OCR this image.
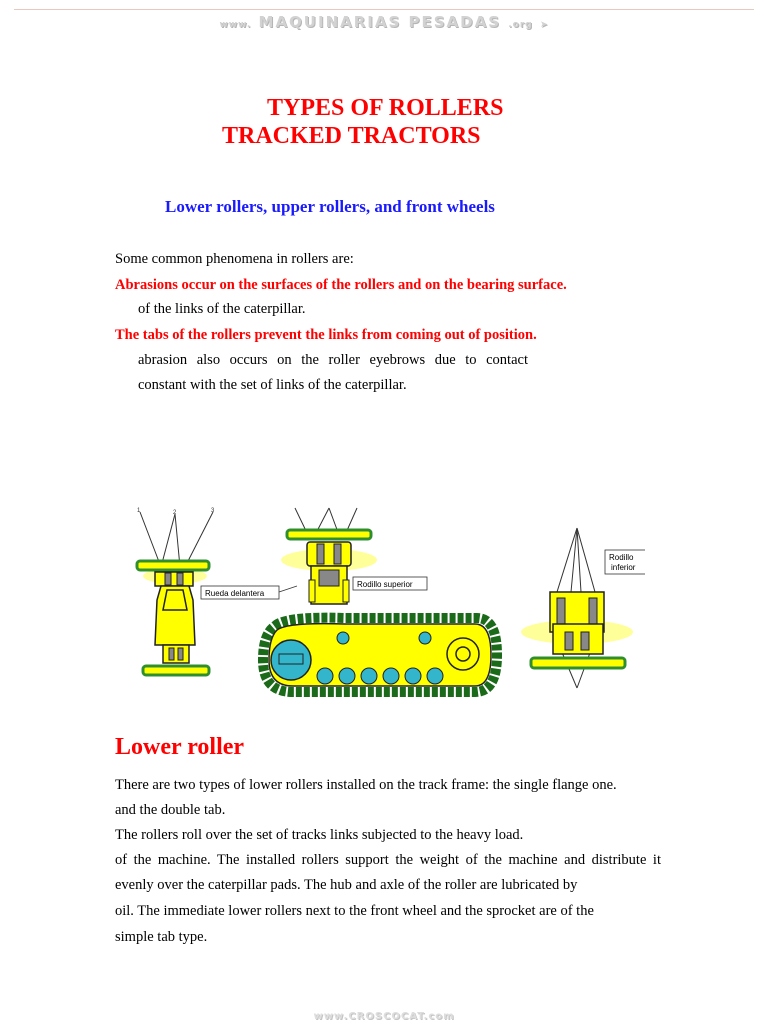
www. MAQUINARIAS PESADAS .org ➤
TYPES OF ROLLERS
TRACKED TRACTORS
Lower rollers, upper rollers, and front wheels
Some common phenomena in rollers are:
Abrasions occur on the surfaces of the rollers and on the bearing surface.
of the links of the caterpillar.
The tabs of the rollers prevent the links from coming out of position.
abrasion also occurs on the roller eyebrows due to contact
constant with the set of links of the caterpillar.
1	2	3
Rueda delantera
Rodillo superior
Rodillo
inferior
Lower roller
There are two types of lower rollers installed on the track frame: the single flange one.
and the double tab.
The rollers roll over the set of tracks links subjected to the heavy load.
of the machine. The installed rollers support the weight of the machine and distribute it
evenly over the caterpillar pads. The hub and axle of the roller are lubricated by
oil. The immediate lower rollers next to the front wheel and the sprocket are of the
simple tab type.
www.CROSCOCAT.com
